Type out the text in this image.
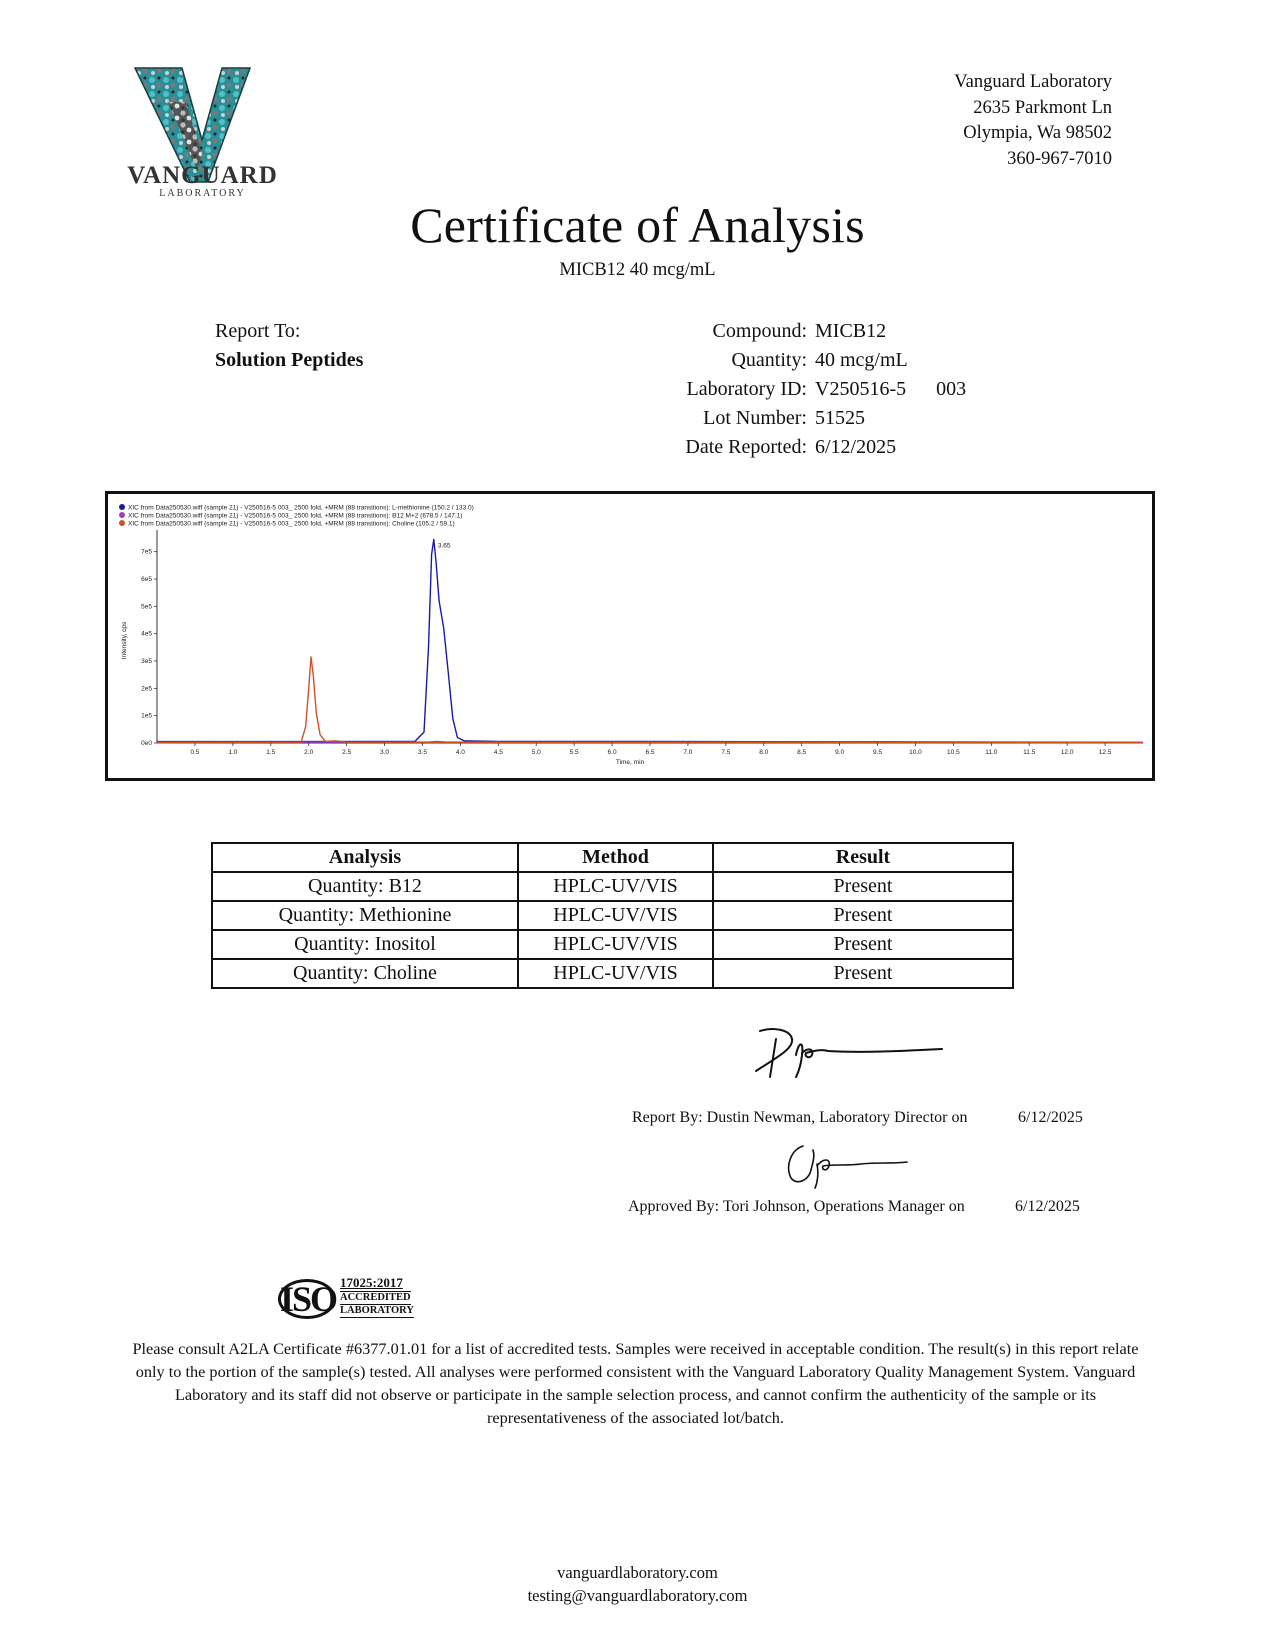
VANGUARD
LABORATORY
Vanguard Laboratory
2635 Parkmont Ln
Olympia, Wa 98502
360-967-7010
Certificate of Analysis
MICB12 40 mcg/mL
Report To:
Solution Peptides
Compound: MICB12
Quantity: 40 mcg/mL
Laboratory ID: V250516-5      003
Lot Number: 51525
Date Reported: 6/12/2025
XIC from Data250530.wiff (sample 21) - V250516-5 003_ 2500 fold, +MRM (88 transitions): L-methionine (150.2 / 133.0)
XIC from Data250530.wiff (sample 21) - V250516-5 003_ 2500 fold, +MRM (88 transitions): B12 M+2 (678.5 / 147.1)
XIC from Data250530.wiff (sample 21) - V250516-5 003_ 2500 fold, +MRM (88 transitions): Choline (105.2 / 59.1)
0e0
1e5
2e5
3e5
4e5
5e5
6e5
7e5
0.5	1.0	1.5	2.0	2.5	3.0	3.5	4.0	4.5	5.0	5.5	6.0	6.5	7.0	7.5	8.0	8.5	9.0	9.5	10.0	10.5	11.0	11.5	12.0	12.5
Time, min
Intensity, cps
3.65
Analysis	Method	Result
Quantity: B12	HPLC-UV/VIS	Present
Quantity: Methionine	HPLC-UV/VIS	Present
Quantity: Inositol	HPLC-UV/VIS	Present
Quantity: Choline	HPLC-UV/VIS	Present
Report By: Dustin Newman, Laboratory Director on	6/12/2025
Approved By: Tori Johnson, Operations Manager on	6/12/2025
ISO 17025:2017
ACCREDITED
LABORATORY
Please consult A2LA Certificate #6377.01.01 for a list of accredited tests. Samples were received in acceptable condition. The result(s) in this report relate only to the portion of the sample(s) tested. All analyses were performed consistent with the Vanguard Laboratory Quality Management System. Vanguard Laboratory and its staff did not observe or participate in the sample selection process, and cannot confirm the authenticity of the sample or its representativeness of the associated lot/batch.
vanguardlaboratory.com
testing@vanguardlaboratory.com
